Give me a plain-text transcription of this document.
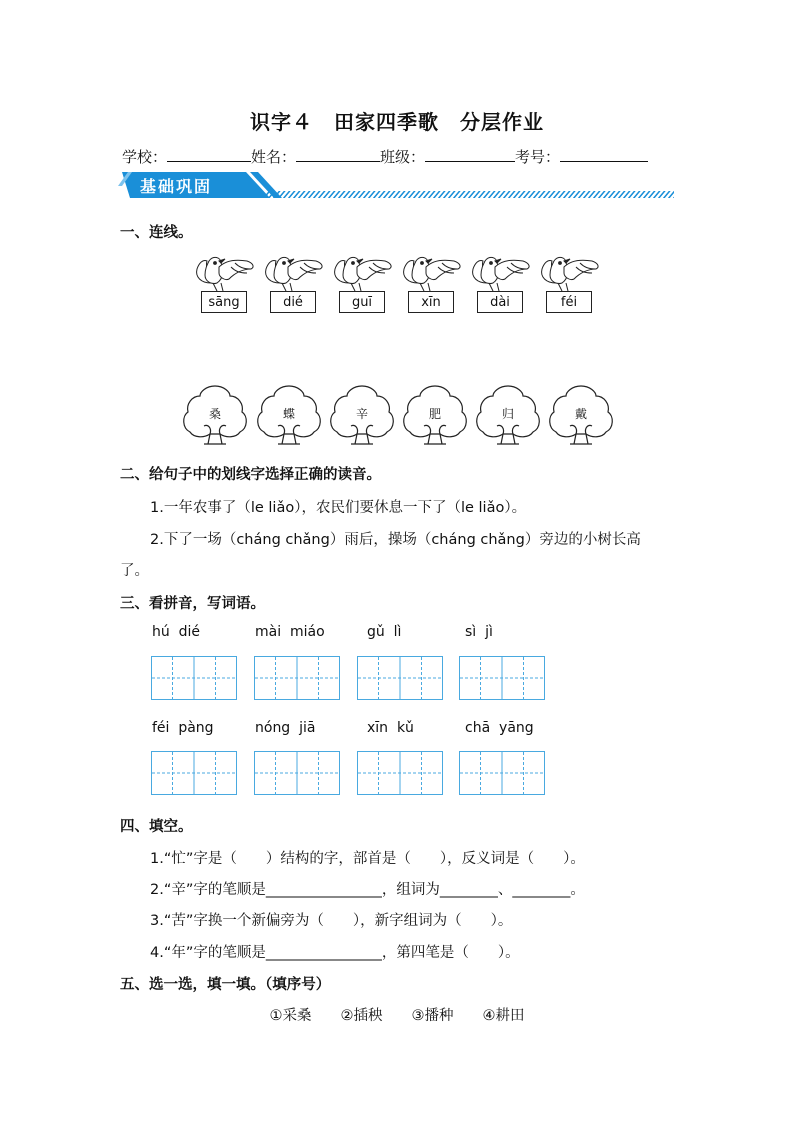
识字４　田家四季歌　分层作业
学校：	姓名：	班级：	考号：
基础巩固
一、连线。
sāng	dié	guī	xīn	dài	féi
桑	蝶	辛	肥	归	戴
二、给句子中的划线字选择正确的读音。
1.一年农事了（le liǎo），农民们要休息一下了（le liǎo）。
2.下了一场（cháng chǎng）雨后，操场（cháng chǎng）旁边的小树长高
了。
三、看拼音，写词语。
hú  dié	mài  miáo	gǔ  lì	sì  jì
féi  pàng	nóng  jiā	xīn  kǔ	chā  yāng
四、填空。
1.“忙”字是（　　）结构的字，部首是（　　），反义词是（　　）。
2.“辛”字的笔顺是________________，组词为________、________。
3.“苦”字换一个新偏旁为（　　），新字组词为（　　）。
4.“年”字的笔顺是________________，第四笔是（　　）。
五、选一选，填一填。（填序号）
①采桑　　 ②插秧　　 ③播种　　 ④耕田
